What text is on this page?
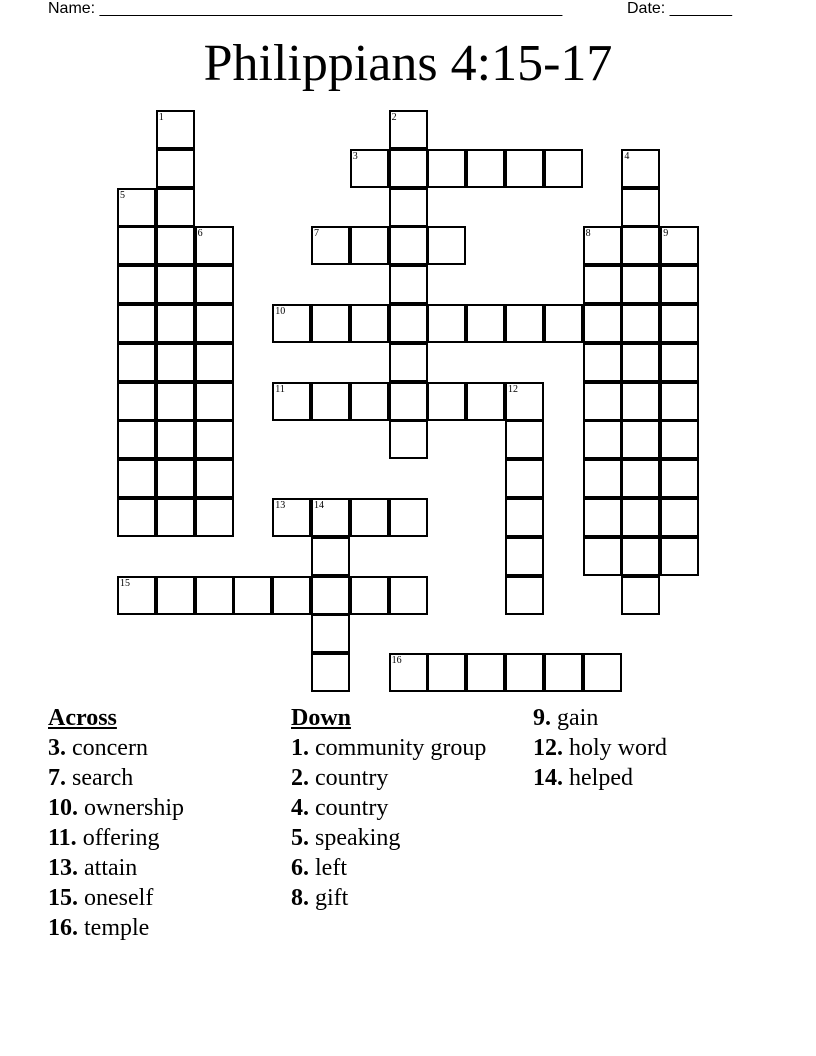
Name: ____________________________________________________	Date: _______
Philippians 4:15-17
1
5
6
2
3	4
8	9
7
10
11	12
13	14
15
16
Across
3. concern
7. search
10. ownership
11. offering
13. attain
15. oneself
16. temple
Down
1. community group
2. country
4. country
5. speaking
6. left
8. gift
9. gain
12. holy word
14. helped
